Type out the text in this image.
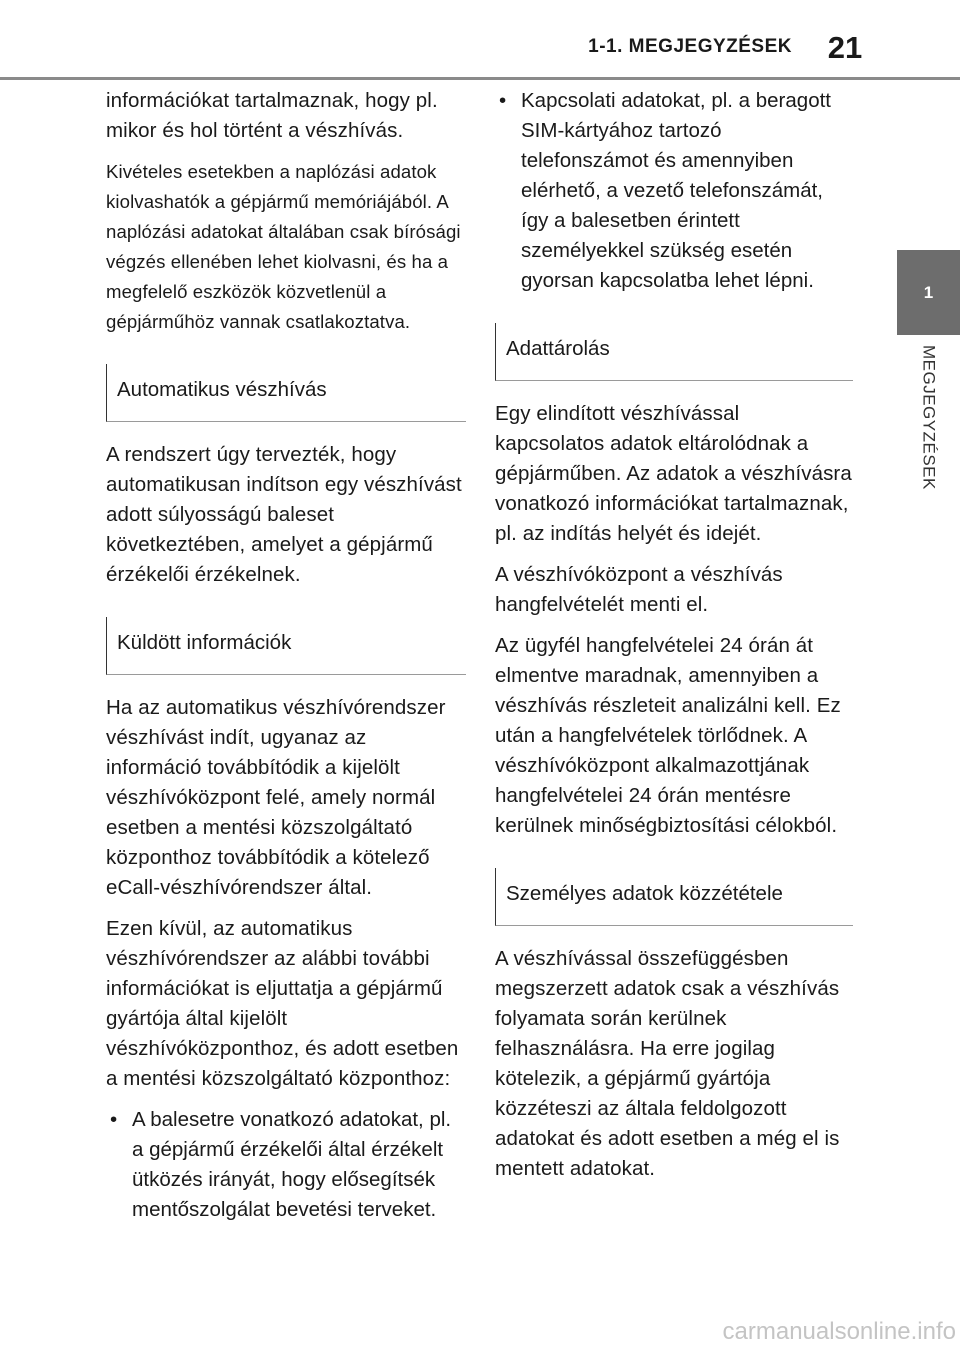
1-1. MEGJEGYZÉSEK	21
1
MEGJEGYZÉSEK

információkat tartalmaznak, hogy pl. mikor és hol történt a vészhívás.

Kivételes esetekben a naplózási adatok kiolvashatók a gépjármű memóriájából. A naplózási adatokat általában csak bírósági végzés ellenében lehet kiolvasni, és ha a megfelelő eszközök közvetlenül a gépjárműhöz vannak csatlakoztatva.

Automatikus vészhívás

A rendszert úgy tervezték, hogy automatikusan indítson egy vészhívást adott súlyosságú baleset következtében, amelyet a gépjármű érzékelői érzékelnek.

Küldött információk

Ha az automatikus vészhívórendszer vészhívást indít, ugyanaz az információ továbbítódik a kijelölt vészhívóközpont felé, amely normál esetben a mentési közszolgáltató központhoz továbbítódik a kötelező eCall-vészhívórendszer által.

Ezen kívül, az automatikus vészhívórendszer az alábbi további információkat is eljuttatja a gépjármű gyártója által kijelölt vészhívóközponthoz, és adott esetben a mentési közszolgáltató központhoz:

• A balesetre vonatkozó adatokat, pl. a gépjármű érzékelői által érzékelt ütközés irányát, hogy elősegítsék mentőszolgálat bevetési terveket.
• Kapcsolati adatokat, pl. a beragott SIM-kártyához tartozó telefonszámot és amennyiben elérhető, a vezető telefonszámát, így a balesetben érintett személyekkel szükség esetén gyorsan kapcsolatba lehet lépni.
Adattárolás

Egy elindított vészhívással kapcsolatos adatok eltárolódnak a gépjárműben. Az adatok a vészhívásra vonatkozó információkat tartalmaznak, pl. az indítás helyét és idejét.

A vészhívóközpont a vészhívás hangfelvételét menti el.

Az ügyfél hangfelvételei 24 órán át elmentve maradnak, amennyiben a vészhívás részleteit analizálni kell. Ez után a hangfelvételek törlődnek. A vészhívóközpont alkalmazottjának hangfelvételei 24 órán mentésre kerülnek minőségbiztosítási célokból.

Személyes adatok közzététele

A vészhívással összefüggésben megszerzett adatok csak a vészhívás folyamata során kerülnek felhasználásra. Ha erre jogilag kötelezik, a gépjármű gyártója közzéteszi az általa feldolgozott adatokat és adott esetben a még el is mentett adatokat.

carmanualsonline.info
